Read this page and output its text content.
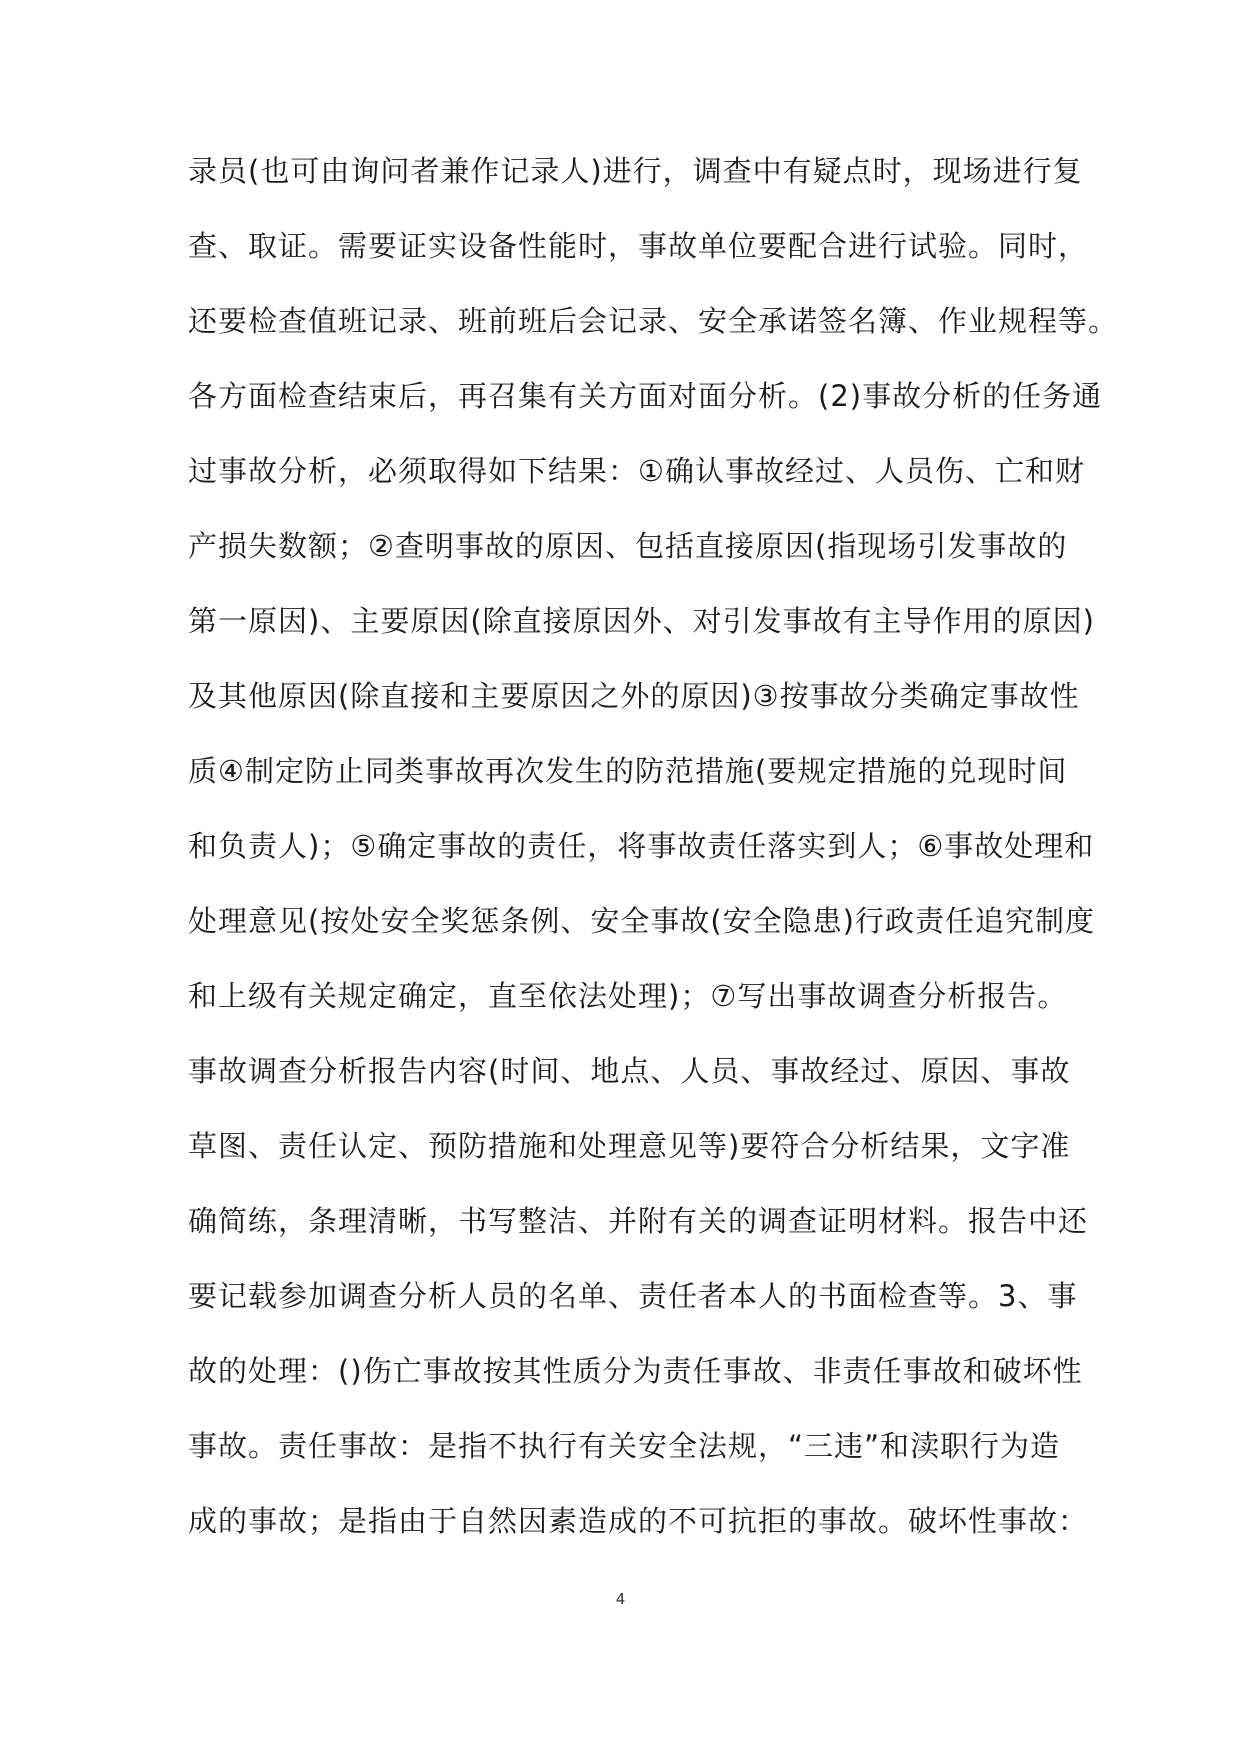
录员(也可由询问者兼作记录人)进行，调查中有疑点时，现场进行复
查、取证。需要证实设备性能时，事故单位要配合进行试验。同时，
还要检查值班记录、班前班后会记录、安全承诺签名簿、作业规程等。
各方面检查结束后，再召集有关方面对面分析。(2)事故分析的任务通
过事故分析，必须取得如下结果：①确认事故经过、人员伤、亡和财
产损失数额；②查明事故的原因、包括直接原因(指现场引发事故的
第一原因)、主要原因(除直接原因外、对引发事故有主导作用的原因)
及其他原因(除直接和主要原因之外的原因)③按事故分类确定事故性
质④制定防止同类事故再次发生的防范措施(要规定措施的兑现时间
和负责人)；⑤确定事故的责任，将事故责任落实到人；⑥事故处理和
处理意见(按处安全奖惩条例、安全事故(安全隐患)行政责任追究制度
和上级有关规定确定，直至依法处理)；⑦写出事故调查分析报告。
事故调查分析报告内容(时间、地点、人员、事故经过、原因、事故
草图、责任认定、预防措施和处理意见等)要符合分析结果，文字准
确简练，条理清晰，书写整洁、并附有关的调查证明材料。报告中还
要记载参加调查分析人员的名单、责任者本人的书面检查等。3、事
故的处理：()伤亡事故按其性质分为责任事故、非责任事故和破坏性
事故。责任事故：是指不执行有关安全法规，“三违”和渎职行为造
成的事故；是指由于自然因素造成的不可抗拒的事故。破坏性事故：
4
